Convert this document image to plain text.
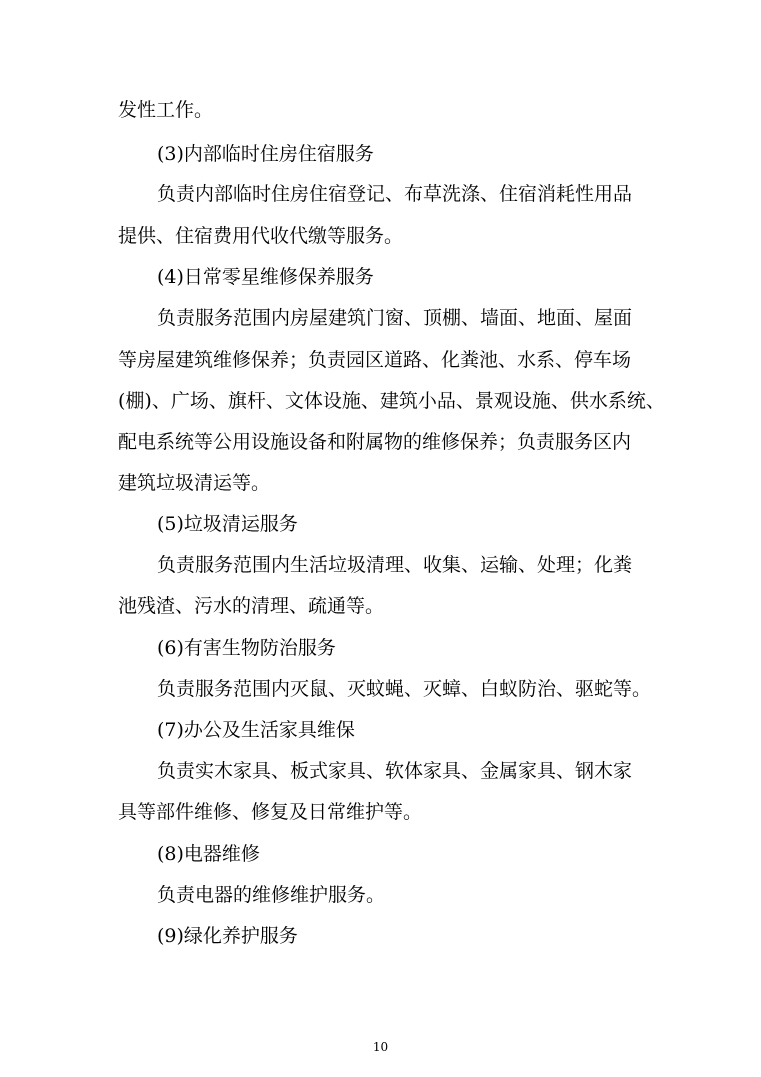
发性工作。
(3)内部临时住房住宿服务
负责内部临时住房住宿登记、布草洗涤、住宿消耗性用品
提供、住宿费用代收代缴等服务。
(4)日常零星维修保养服务
负责服务范围内房屋建筑门窗、顶棚、墙面、地面、屋面
等房屋建筑维修保养；负责园区道路、化粪池、水系、停车场
(棚)、广场、旗杆、文体设施、建筑小品、景观设施、供水系统、
配电系统等公用设施设备和附属物的维修保养；负责服务区内
建筑垃圾清运等。
(5)垃圾清运服务
负责服务范围内生活垃圾清理、收集、运输、处理；化粪
池残渣、污水的清理、疏通等。
(6)有害生物防治服务
负责服务范围内灭鼠、灭蚊蝇、灭蟑、白蚁防治、驱蛇等。
(7)办公及生活家具维保
负责实木家具、板式家具、软体家具、金属家具、钢木家
具等部件维修、修复及日常维护等。
(8)电器维修
负责电器的维修维护服务。
(9)绿化养护服务
10
